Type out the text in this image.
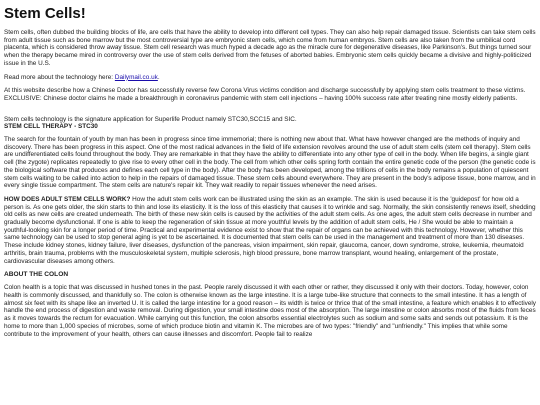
Stem Cells!

Stem cells, often dubbed the building blocks of life, are cells that have the ability to develop into different cell types. They can also help repair damaged tissue. Scientists can take stem cells from adult tissue such as bone marrow but the most controversial type are embryonic stem cells, which come from human embryos. Stem cells are also taken from the umbilical cord placenta, which is considered throw away tissue. Stem cell research was much hyped a decade ago as the miracle cure for degenerative diseases, like Parkinson's. But things turned sour when the therapy became mired in controversy over the use of stem cells derived from the fetuses of aborted babies. Embryonic stem cells quickly became a divisive and highly-politicized issue in the U.S.

Read more about the technology here: Dailymail.co.uk.

At this website describe how a Chinese Doctor has successfully reverse few Corona Virus victims condition and discharge successfully by applying stem cells treatment to these victims. EXCLUSIVE: Chinese doctor claims he made a breakthrough in coronavirus pandemic with stem cell injections – having 100% success rate after treating nine mostly elderly patients.

Stem cells technology is the signature application for Superlife Product namely STC30,SCC15 and SIC.

STEM CELL THERAPY - STC30

The search for the fountain of youth by man has been in progress since time immemorial; there is nothing new about that. What have however changed are the methods of inquiry and discovery. There has been progress in this aspect. One of the most radical advances in the field of life extension revolves around the use of adult stem cells (stem cell therapy). Stem cells are undifferentiated cells found throughout the body. They are remarkable in that they have the ability to differentiate into any other type of cell in the body. When life begins, a single giant cell (the zygote) replicates repeatedly to give rise to every other cell in the body. The cell from which other cells spring forth contain the entire genetic code of the person (the genetic code is the biological software that produces and defines each cell type in the body). After the body has been developed, among the trillions of cells in the body remains a population of quiescent stem cells waiting to be called into action to help in the repairs of damaged tissue. These stem cells abound everywhere. They are present in the body's adipose tissue, bone marrow, and in every single tissue compartment. The stem cells are nature's repair kit. They wait readily to repair tissues whenever the need arises.

HOW DOES ADULT STEM CELLS WORK? How the adult stem cells work can be illustrated using the skin as an example. The skin is used because it is the 'guidepost' for how old a person is. As one gets older, the skin starts to thin and lose its elasticity. It is the loss of this elasticity that causes it to wrinkle and sag. Normally, the skin consistently renews itself, shedding old cells as new cells are created underneath. The birth of these new skin cells is caused by the activities of the adult stem cells. As one ages, the adult stem cells decrease in number and gradually become dysfunctional. If one is able to keep the regeneration of skin tissue at more youthful levels by the addition of adult stem cells, He / She would be able to maintain a youthful-looking skin for a longer period of time. Practical and experimental evidence exist to show that the repair of organs can be achieved with this technology. However, whether this same technology can be used to stop general aging is yet to be ascertained. It is documented that stem cells can be used in the management and treatment of more than 130 diseases. These include kidney stones, kidney failure, liver diseases, dysfunction of the pancreas, vision impairment, skin repair, glaucoma, cancer, down syndrome, stroke, leukemia, rheumatoid arthritis, brain trauma, problems with the musculoskeletal system, multiple sclerosis, high blood pressure, bone marrow transplant, wound healing, enlargement of the prostate, cardiovascular diseases among others.

ABOUT THE COLON

Colon health is a topic that was discussed in hushed tones in the past. People rarely discussed it with each other or rather, they discussed it only with their doctors. Today, however, colon health is commonly discussed, and thankfully so. The colon is otherwise known as the large intestine. It is a large tube-like structure that connects to the small intestine. It has a length of almost six feet with its shape like an inverted U. It is called the large intestine for a good reason – its width is twice or thrice that of the small intestine, a feature which enables it to effectively handle the end process of digestion and waste removal. During digestion, your small intestine does most of the absorption. The large intestine or colon absorbs most of the fluids from feces as it moves towards the rectum for evacuation. While carrying out this function, the colon absorbs essential electrolytes such as sodium and some salts and sends out potassium. It is the home to more than 1,000 species of microbes, some of which produce biotin and vitamin K. The microbes are of two types: "friendly" and "unfriendly." This implies that while some contribute to the improvement of your health, others can cause illnesses and discomfort. People fail to realize
